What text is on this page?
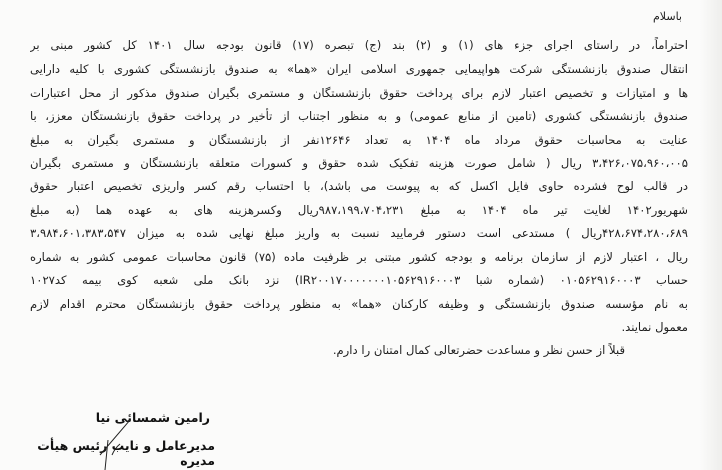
باسلام
احتراماً، در راستای اجرای جزء های (۱) و (۲) بند (ج) تبصره (۱۷) قانون بودجه سال ۱۴۰۱ کل کشور مبنی بر
انتقال صندوق بازنشستگی شرکت هواپیمایی جمهوری اسلامی ایران «هما» به صندوق بازنشستگی کشوری با کلیه دارایی
ها و امتیازات و تخصیص اعتبار لازم برای پرداخت حقوق بازنشستگان و مستمری بگیران صندوق مذکور از محل اعتبارات
صندوق بازنشستگی کشوری (تامین از منابع عمومی) و به منظور اجتناب از تأخیر در پرداخت حقوق بازنشستگان معزز، با
عنایت به محاسبات حقوق مرداد ماه ۱۴۰۴ به تعداد ۱۲۶۴۶نفر از بازنشستگان و مستمری بگیران به مبلغ
۳،۴۲۶،۰۷۵،۹۶۰،۰۰۵ ریال ( شامل صورت هزینه تفکیک شده حقوق و کسورات متعلقه بازنشستگان و مستمری بگیران
در قالب لوح فشرده حاوی فایل اکسل که به پیوست می باشد)، با احتساب رقم کسر واریزی تخصیص اعتبار حقوق
شهریور۱۴۰۲ لغایت تیر ماه ۱۴۰۴ به مبلغ ۹۸۷،۱۹۹،۷۰۴،۲۳۱ریال وکسرهزینه های به عهده هما (به مبلغ
۴۲۸،۶۷۴،۲۸۰،۶۸۹ریال ) مستدعی است دستور فرمایید نسبت به واریز مبلغ نهایی شده به میزان ۳،۹۸۴،۶۰۱،۳۸۳،۵۴۷
ریال ، اعتبار لازم از سازمان برنامه و بودجه کشور مبتنی بر ظرفیت ماده (۷۵) قانون محاسبات عمومی کشور به شماره
حساب ۰۱۰۵۶۲۹۱۶۰۰۰۳ (شماره شبا IR۲۰۰۱۷۰۰۰۰۰۰۰۱۰۵۶۲۹۱۶۰۰۰۳) نزد بانک ملی شعبه کوی بیمه کد۱۰۲۷
به نام مؤسسه صندوق بازنشستگی و وظیفه کارکنان «هما» به منظور پرداخت حقوق بازنشستگان محترم اقدام لازم
معمول نمایند.
قبلاً از حسن نظر و مساعدت حضرتعالی کمال امتنان را دارم.
رامین شمسائی نیا
مدیرعامل و نایب رئیس هیأت مدیره
